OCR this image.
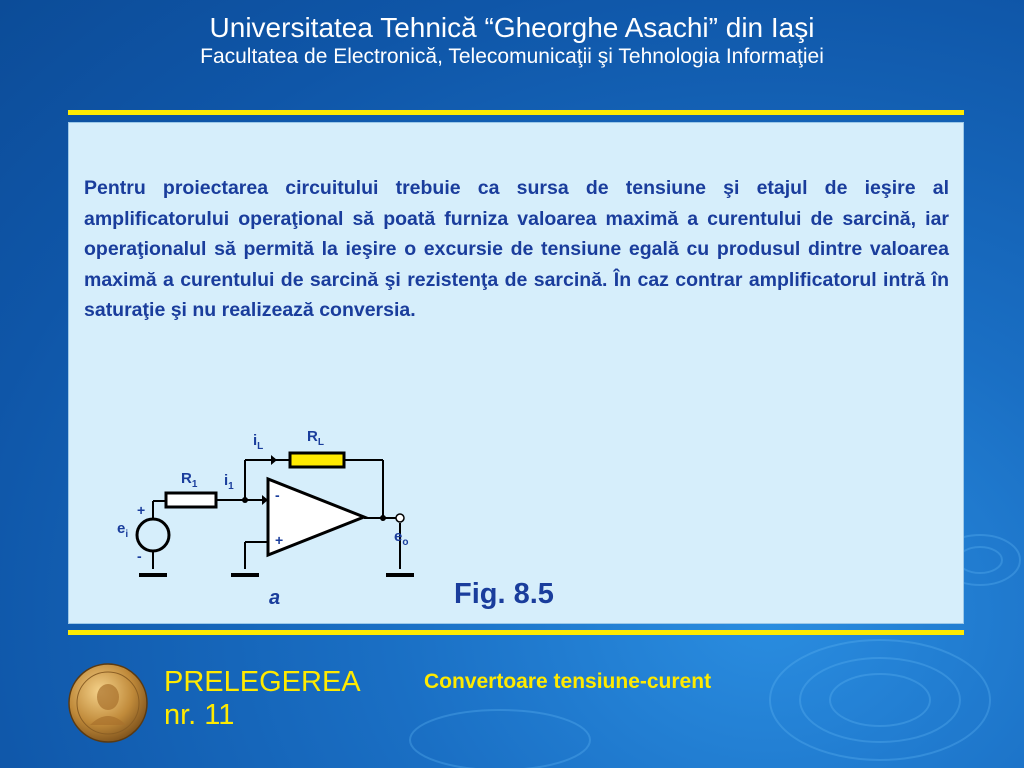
Universitatea Tehnică “Gheorghe Asachi” din Iaşi
Facultatea de Electronică, Telecomunicaţii şi Tehnologia Informaţiei
Pentru proiectarea circuitului trebuie ca sursa de tensiune şi etajul de ieşire al amplificatorului operaţional să poată furniza valoarea maximă a curentului de sarcină, iar operaţionalul să permită la ieşire o excursie de tensiune egală cu produsul dintre valoarea maximă a curentului de sarcină şi rezistenţa de sarcină. În caz contrar amplificatorul intră în saturaţie şi nu realizează conversia.
$R_1$
$R_L$
$i_1$
$i_L$
$e_i$	$e_o$
+
-
-
+
Fig. 8.5
a
PRELEGEREA
nr. 11
Convertoare tensiune-curent
